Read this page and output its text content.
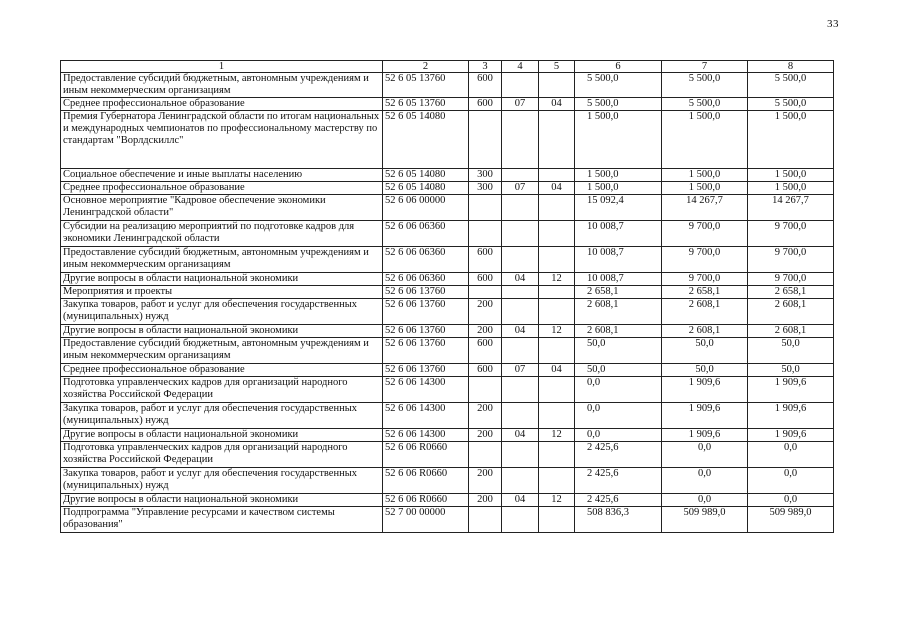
33
1	2	3	4	5	6	7	8
Предоставление субсидий бюджетным, автономным учреждениям и иным некоммерческим организациям	52 6 05 13760	600			5 500,0	5 500,0	5 500,0
Среднее профессиональное образование	52 6 05 13760	600	07	04	5 500,0	5 500,0	5 500,0
Премия Губернатора Ленинградской области по итогам национальных и международных чемпионатов по профессиональному мастерству по стандартам "Ворлдскиллс"	52 6 05 14080				1 500,0	1 500,0	1 500,0
Социальное обеспечение и иные выплаты населению	52 6 05 14080	300			1 500,0	1 500,0	1 500,0
Среднее профессиональное образование	52 6 05 14080	300	07	04	1 500,0	1 500,0	1 500,0
Основное мероприятие "Кадровое обеспечение экономики Ленинградской области"	52 6 06 00000				15 092,4	14 267,7	14 267,7
Субсидии на реализацию мероприятий по подготовке кадров для экономики Ленинградской области	52 6 06 06360				10 008,7	9 700,0	9 700,0
Предоставление субсидий бюджетным, автономным учреждениям и иным некоммерческим организациям	52 6 06 06360	600			10 008,7	9 700,0	9 700,0
Другие вопросы в области национальной экономики	52 6 06 06360	600	04	12	10 008,7	9 700,0	9 700,0
Мероприятия и проекты	52 6 06 13760				2 658,1	2 658,1	2 658,1
Закупка товаров, работ и услуг для обеспечения государственных (муниципальных) нужд	52 6 06 13760	200			2 608,1	2 608,1	2 608,1
Другие вопросы в области национальной экономики	52 6 06 13760	200	04	12	2 608,1	2 608,1	2 608,1
Предоставление субсидий бюджетным, автономным учреждениям и иным некоммерческим организациям	52 6 06 13760	600			50,0	50,0	50,0
Среднее профессиональное образование	52 6 06 13760	600	07	04	50,0	50,0	50,0
Подготовка управленческих кадров для организаций народного хозяйства Российской Федерации	52 6 06 14300				0,0	1 909,6	1 909,6
Закупка товаров, работ и услуг для обеспечения государственных (муниципальных) нужд	52 6 06 14300	200			0,0	1 909,6	1 909,6
Другие вопросы в области национальной экономики	52 6 06 14300	200	04	12	0,0	1 909,6	1 909,6
Подготовка управленческих кадров для организаций народного хозяйства Российской Федерации	52 6 06 R0660				2 425,6	0,0	0,0
Закупка товаров, работ и услуг для обеспечения государственных (муниципальных) нужд	52 6 06 R0660	200			2 425,6	0,0	0,0
Другие вопросы в области национальной экономики	52 6 06 R0660	200	04	12	2 425,6	0,0	0,0
Подпрограмма "Управление ресурсами и качеством системы образования"	52 7 00 00000				508 836,3	509 989,0	509 989,0
